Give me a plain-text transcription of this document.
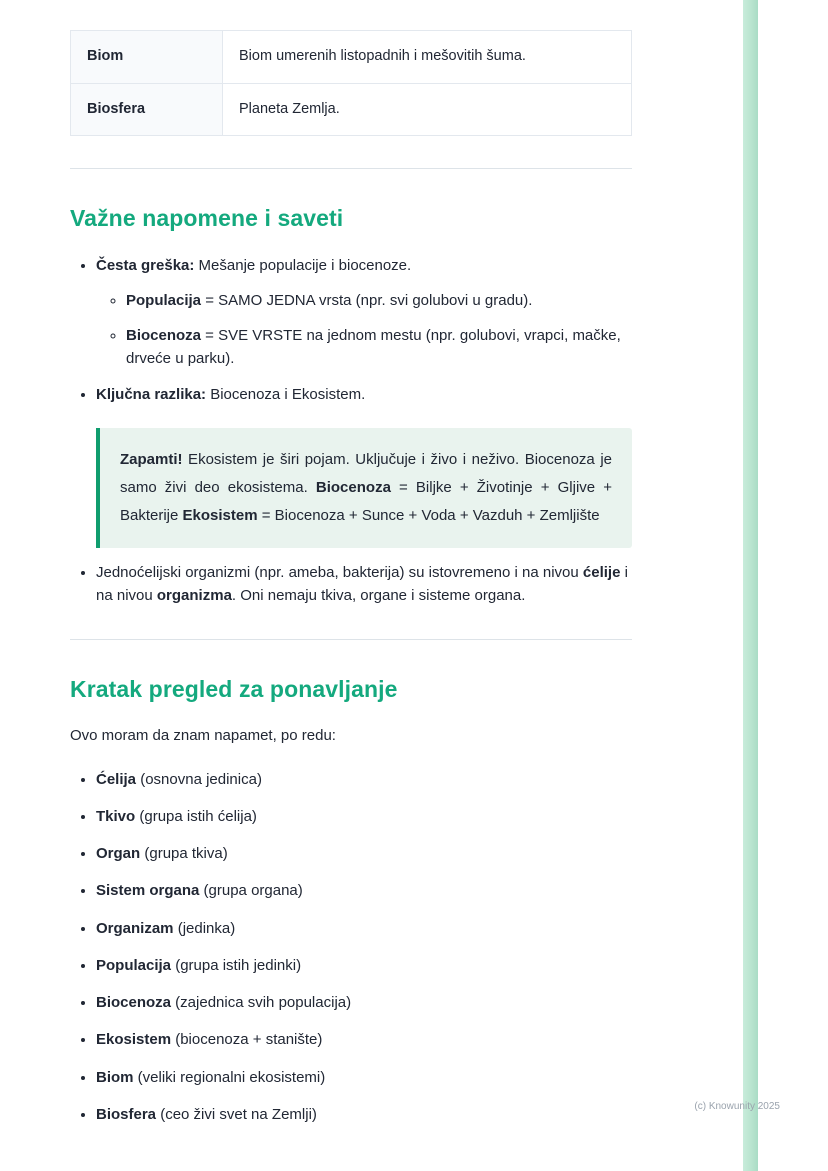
Biom	Biom umerenih listopadnih i mešovitih šuma.
Biosfera	Planeta Zemlja.
Važne napomene i saveti
• Česta greška: Mešanje populacije i biocenoze.
◦ Populacija = SAMO JEDNA vrsta (npr. svi golubovi u gradu).
◦ Biocenoza = SVE VRSTE na jednom mestu (npr. golubovi, vrapci, mačke, drveće u parku).
• Ključna razlika: Biocenoza i Ekosistem.

Zapamti! Ekosistem je širi pojam. Uključuje i živo i neživo. Biocenoza je samo živi deo ekosistema. Biocenoza = Biljke + Životinje + Gljive + Bakterije Ekosistem = Biocenoza + Sunce + Voda + Vazduh + Zemljište

• Jednoćelijski organizmi (npr. ameba, bakterija) su istovremeno i na nivou ćelije i na nivou organizma. Oni nemaju tkiva, organe i sisteme organa.
Kratak pregled za ponavljanje

Ovo moram da znam napamet, po redu:

• Ćelija (osnovna jedinica)
• Tkivo (grupa istih ćelija)
• Organ (grupa tkiva)
• Sistem organa (grupa organa)
• Organizam (jedinka)
• Populacija (grupa istih jedinki)
• Biocenoza (zajednica svih populacija)
• Ekosistem (biocenoza + stanište)
• Biom (veliki regionalni ekosistemi)
• Biosfera (ceo živi svet na Zemlji)	(c) Knowunity 2025
